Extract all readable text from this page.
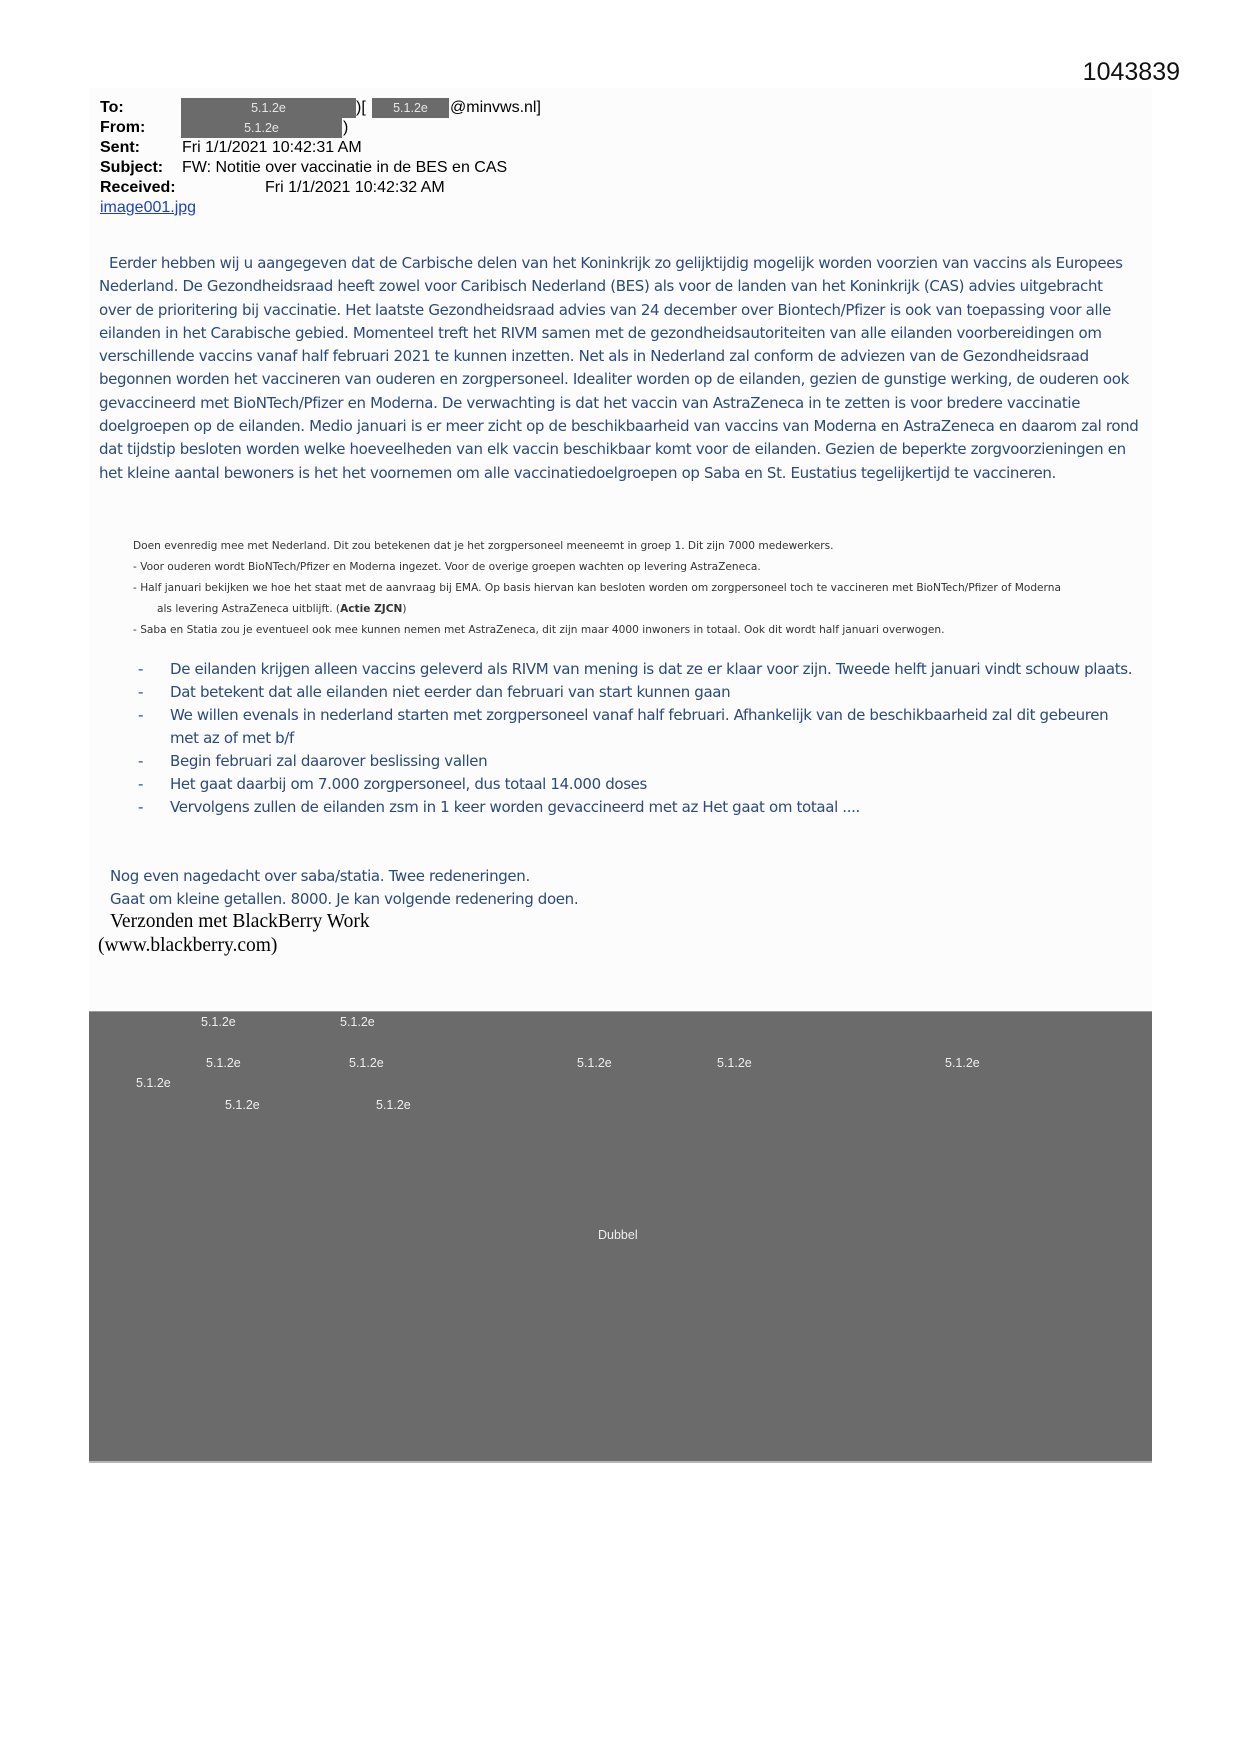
1043839
To:	5.1.2e	)[	5.1.2e	@minvws.nl]
From:	5.1.2e	)
Sent:	Fri 1/1/2021 10:42:31 AM
Subject: FW: Notitie over vaccinatie in de BES en CAS
Received:	Fri 1/1/2021 10:42:32 AM
image001.jpg
Eerder hebben wij u aangegeven dat de Carbische delen van het Koninkrijk zo gelijktijdig mogelijk worden voorzien van vaccins als Europees Nederland. De Gezondheidsraad heeft zowel voor Caribisch Nederland (BES) als voor de landen van het Koninkrijk (CAS) advies uitgebracht over de prioritering bij vaccinatie. Het laatste Gezondheidsraad advies van 24 december over Biontech/Pfizer is ook van toepassing voor alle eilanden in het Carabische gebied. Momenteel treft het RIVM samen met de gezondheidsautoriteiten van alle eilanden voorbereidingen om verschillende vaccins vanaf half februari 2021 te kunnen inzetten. Net als in Nederland zal conform de adviezen van de Gezondheidsraad begonnen worden het vaccineren van ouderen en zorgpersoneel. Idealiter worden op de eilanden, gezien de gunstige werking, de ouderen ook gevaccineerd met BioNTech/Pfizer en Moderna. De verwachting is dat het vaccin van AstraZeneca in te zetten is voor bredere vaccinatie doelgroepen op de eilanden. Medio januari is er meer zicht op de beschikbaarheid van vaccins van Moderna en AstraZeneca en daarom zal rond dat tijdstip besloten worden welke hoeveelheden van elk vaccin beschikbaar komt voor de eilanden. Gezien de beperkte zorgvoorzieningen en het kleine aantal bewoners is het het voornemen om alle vaccinatiedoelgroepen op Saba en St. Eustatius tegelijkertijd te vaccineren.

Doen evenredig mee met Nederland. Dit zou betekenen dat je het zorgpersoneel meeneemt in groep 1. Dit zijn 7000 medewerkers.

- Voor ouderen wordt BioNTech/Pfizer en Moderna ingezet. Voor de overige groepen wachten op levering AstraZeneca.

- Half januari bekijken we hoe het staat met de aanvraag bij EMA. Op basis hiervan kan besloten worden om zorgpersoneel toch te vaccineren met BioNTech/Pfizer of Moderna

als levering AstraZeneca uitblijft. (Actie ZJCN)

- Saba en Statia zou je eventueel ook mee kunnen nemen met AstraZeneca, dit zijn maar 4000 inwoners in totaal. Ook dit wordt half januari overwogen.

- De eilanden krijgen alleen vaccins geleverd als RIVM van mening is dat ze er klaar voor zijn. Tweede helft januari vindt schouw plaats.
- Dat betekent dat alle eilanden niet eerder dan februari van start kunnen gaan
- We willen evenals in nederland starten met zorgpersoneel vanaf half februari. Afhankelijk van de beschikbaarheid zal dit gebeuren met az of met b/f
- Begin februari zal daarover beslissing vallen
- Het gaat daarbij om 7.000 zorgpersoneel, dus totaal 14.000 doses
- Vervolgens zullen de eilanden zsm in 1 keer worden gevaccineerd met az Het gaat om totaal ....
Nog even nagedacht over saba/statia. Twee redeneringen.
Gaat om kleine getallen. 8000. Je kan volgende redenering doen.
Verzonden met BlackBerry Work
(www.blackberry.com)
5.1.2e	5.1.2e
5.1.2e	5.1.2e	5.1.2e	5.1.2e	5.1.2e
5.1.2e
5.1.2e	5.1.2e
Dubbel
